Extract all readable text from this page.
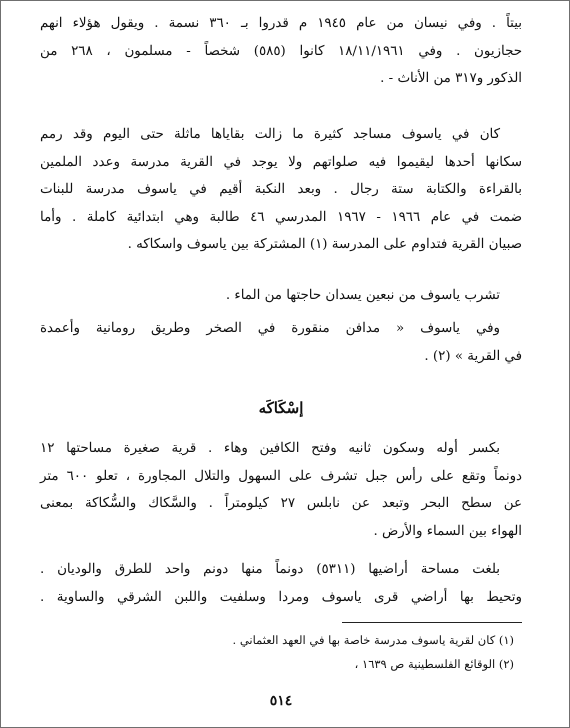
بيتاً . وفي نيسان من عام ١٩٤٥ م قدروا بـ ٣٦٠ نسمة . ويقول هؤلاء انهم
حجازيون . وفي ١٨/١١/١٩٦١ كانوا (٥٨٥) شخصاً - مسلمون ، ٢٦٨ من
الذكور و٣١٧ من الأناث - .
كان في ياسوف مساجد كثيرة ما زالت بقاياها ماثلة حتى اليوم وقد رمم
سكانها أحدها ليقيموا فيه صلواتهم ولا يوجد في القرية مدرسة وعدد الملمين
بالقراءة والكتابة ستة رجال . وبعد النكبة أقيم في ياسوف مدرسة للبنات
ضمت في عام ١٩٦٦ - ١٩٦٧ المدرسي ٤٦ طالبة وهي ابتدائية كاملة . وأما
صبيان القرية فتداوم على المدرسة (١) المشتركة بين ياسوف واسكاكه .
تشرب ياسوف من نبعين يسدان حاجتها من الماء .
وفي ياسوف « مدافن منقورة في الصخر وطريق رومانية وأعمدة
في القرية » (٢) .
إسْكَاكَه
بكسر أوله وسكون ثانيه وفتح الكافين وهاء . قرية صغيرة مساحتها ١٢
دونماً وتقع على رأس جبل تشرف على السهول والتلال المجاورة ، تعلو ٦٠٠ متر
عن سطح البحر وتبعد عن نابلس ٢٧ كيلومتراً . والسَّكاك والسُّكاكة بمعنى
الهواء بين السماء والأرض .
بلغت مساحة أراضيها (٥٣١١) دونماً منها دونم واحد للطرق والوديان .
وتحيط بها أراضي قرى ياسوف ومردا وسلفيت واللبن الشرقي والساوية .
(١) كان لقرية ياسوف مدرسة خاصة بها في العهد العثماني .
(٢) الوقائع الفلسطينية ص ١٦٣٩ ،
٥١٤
